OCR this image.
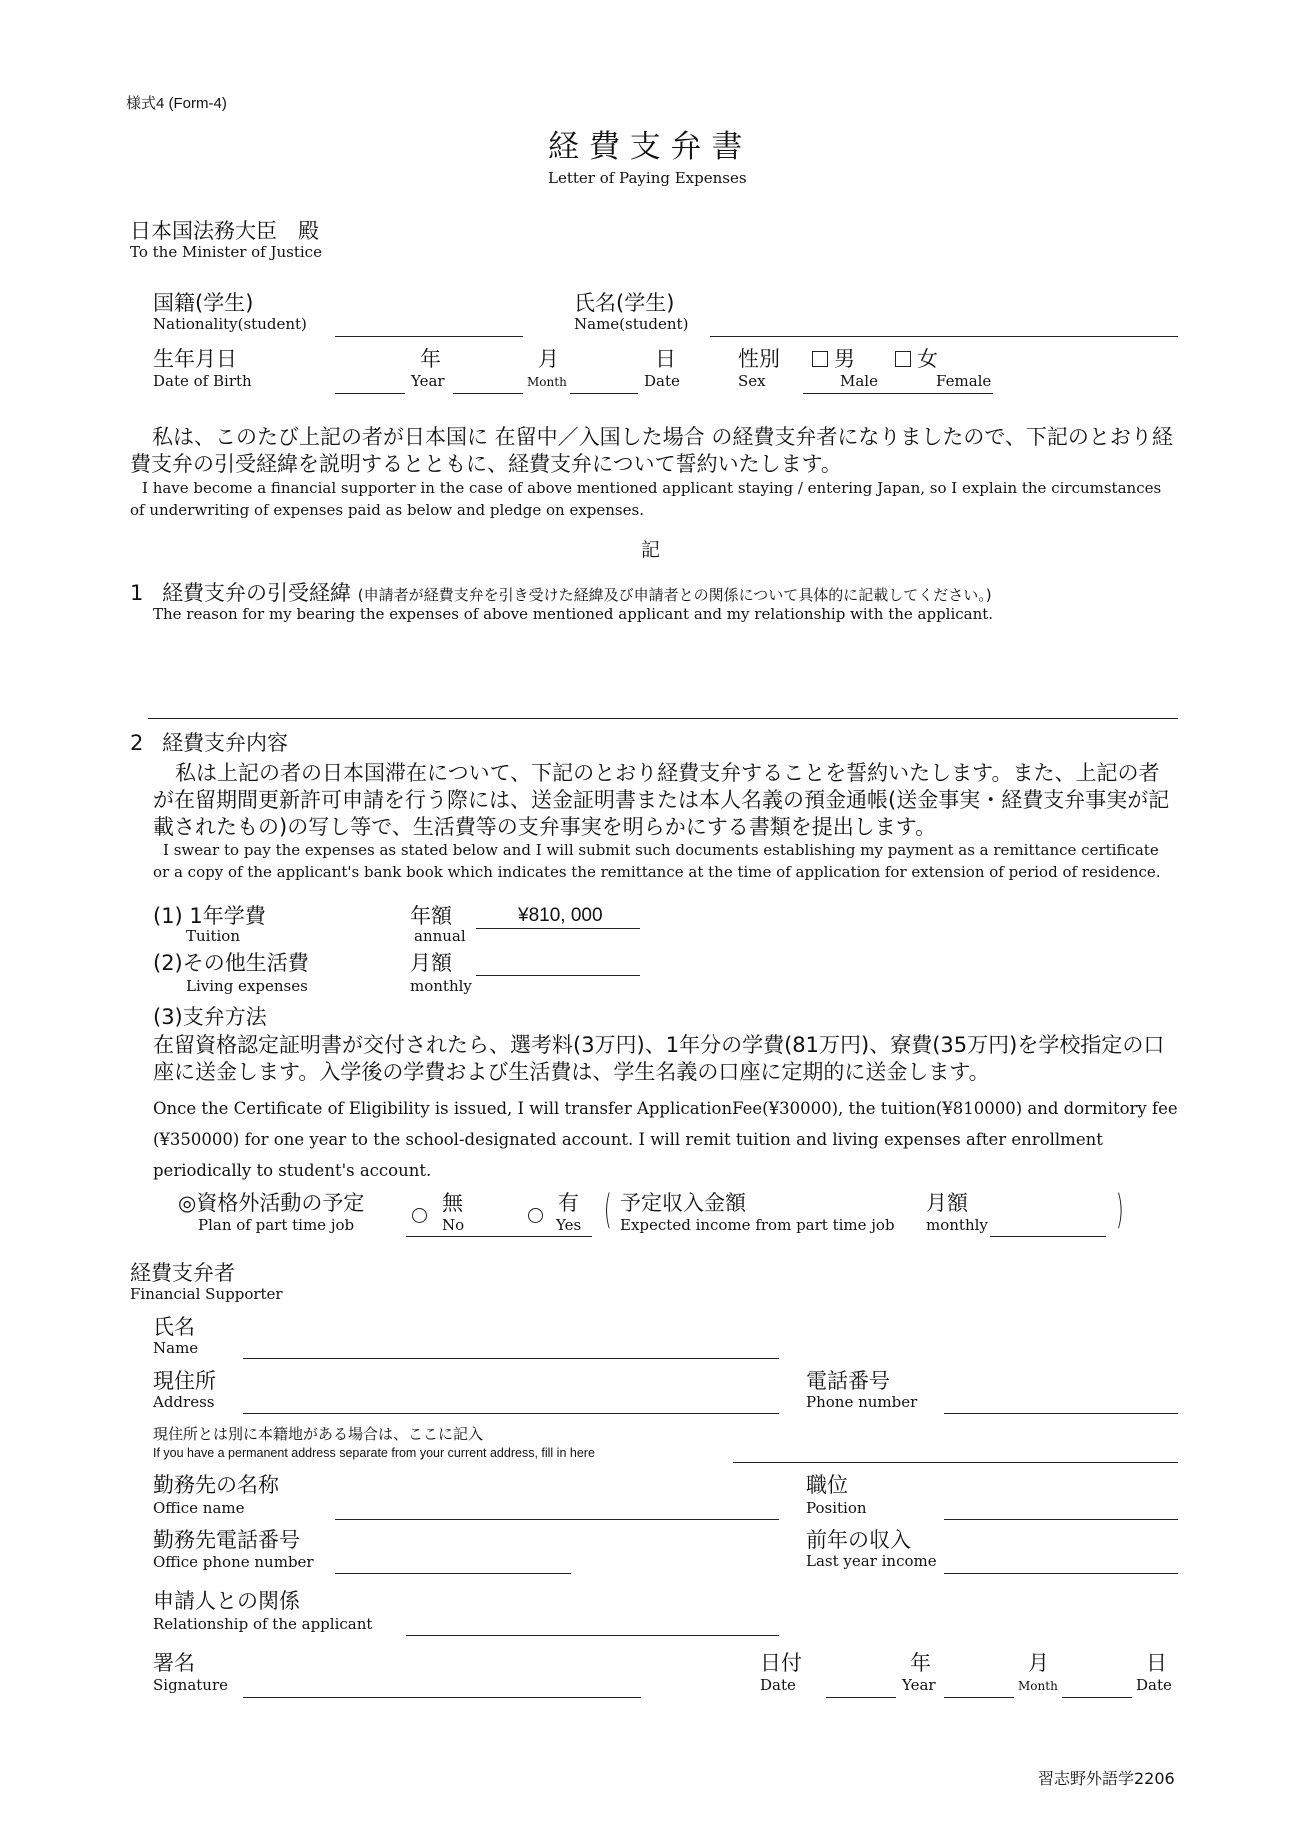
様式4 (Form-4)
経 費 支 弁 書
Letter of Paying Expenses
日本国法務大臣　殿
To the Minister of Justice
国籍(学生)
Nationality(student)
氏名(学生)
Name(student)
生年月日
Date of Birth
年
Year
月
Month
日
Date
性別
Sex
男
Male
女
Female
私は、このたび上記の者が日本国に 在留中／入国した場合 の経費支弁者になりましたので、下記のとおり経費支弁の引受経緯を説明するとともに、経費支弁について誓約いたします。
I have become a financial supporter in the case of above mentioned applicant staying / entering Japan, so I explain the circumstances of underwriting of expenses paid as below and pledge on expenses.
記
1 経費支弁の引受経緯 (申請者が経費支弁を引き受けた経緯及び申請者との関係について具体的に記載してください。)
The reason for my bearing the expenses of above mentioned applicant and my relationship with the applicant.
2 経費支弁内容
私は上記の者の日本国滞在について、下記のとおり経費支弁することを誓約いたします。また、上記の者が在留期間更新許可申請を行う際には、送金証明書または本人名義の預金通帳(送金事実・経費支弁事実が記載されたもの)の写し等で、生活費等の支弁事実を明らかにする書類を提出します。
I swear to pay the expenses as stated below and I will submit such documents establishing my payment as a remittance certificate or a copy of the applicant's bank book which indicates the remittance at the time of application for extension of period of residence.
(1) 1年学費
Tuition
年額
annual
¥810, 000
(2)その他生活費
Living expenses
月額
monthly
(3)支弁方法
在留資格認定証明書が交付されたら、選考料(3万円)、1年分の学費(81万円)、寮費(35万円)を学校指定の口座に送金します。入学後の学費および生活費は、学生名義の口座に定期的に送金します。
Once the Certificate of Eligibility is issued, I will transfer ApplicationFee(¥30000), the tuition(¥810000) and dormitory fee (¥350000) for one year to the school-designated account. I will remit tuition and living expenses after enrollment periodically to student's account.
◎資格外活動の予定
Plan of part time job
無
No
有
Yes ( 予定収入金額
Expected income from part time job
月額
monthly	)
経費支弁者
Financial Supporter
氏名
Name
現住所
Address
電話番号
Phone number
現住所とは別に本籍地がある場合は、ここに記入
If you have a permanent address separate from your current address, fill in here
勤務先の名称
Office name
職位
Position
勤務先電話番号
Office phone number
前年の収入
Last year income
申請人との関係
Relationship of the applicant
署名
Signature
日付
Date
年
Year
月
Month
日
Date
習志野外語学2206
